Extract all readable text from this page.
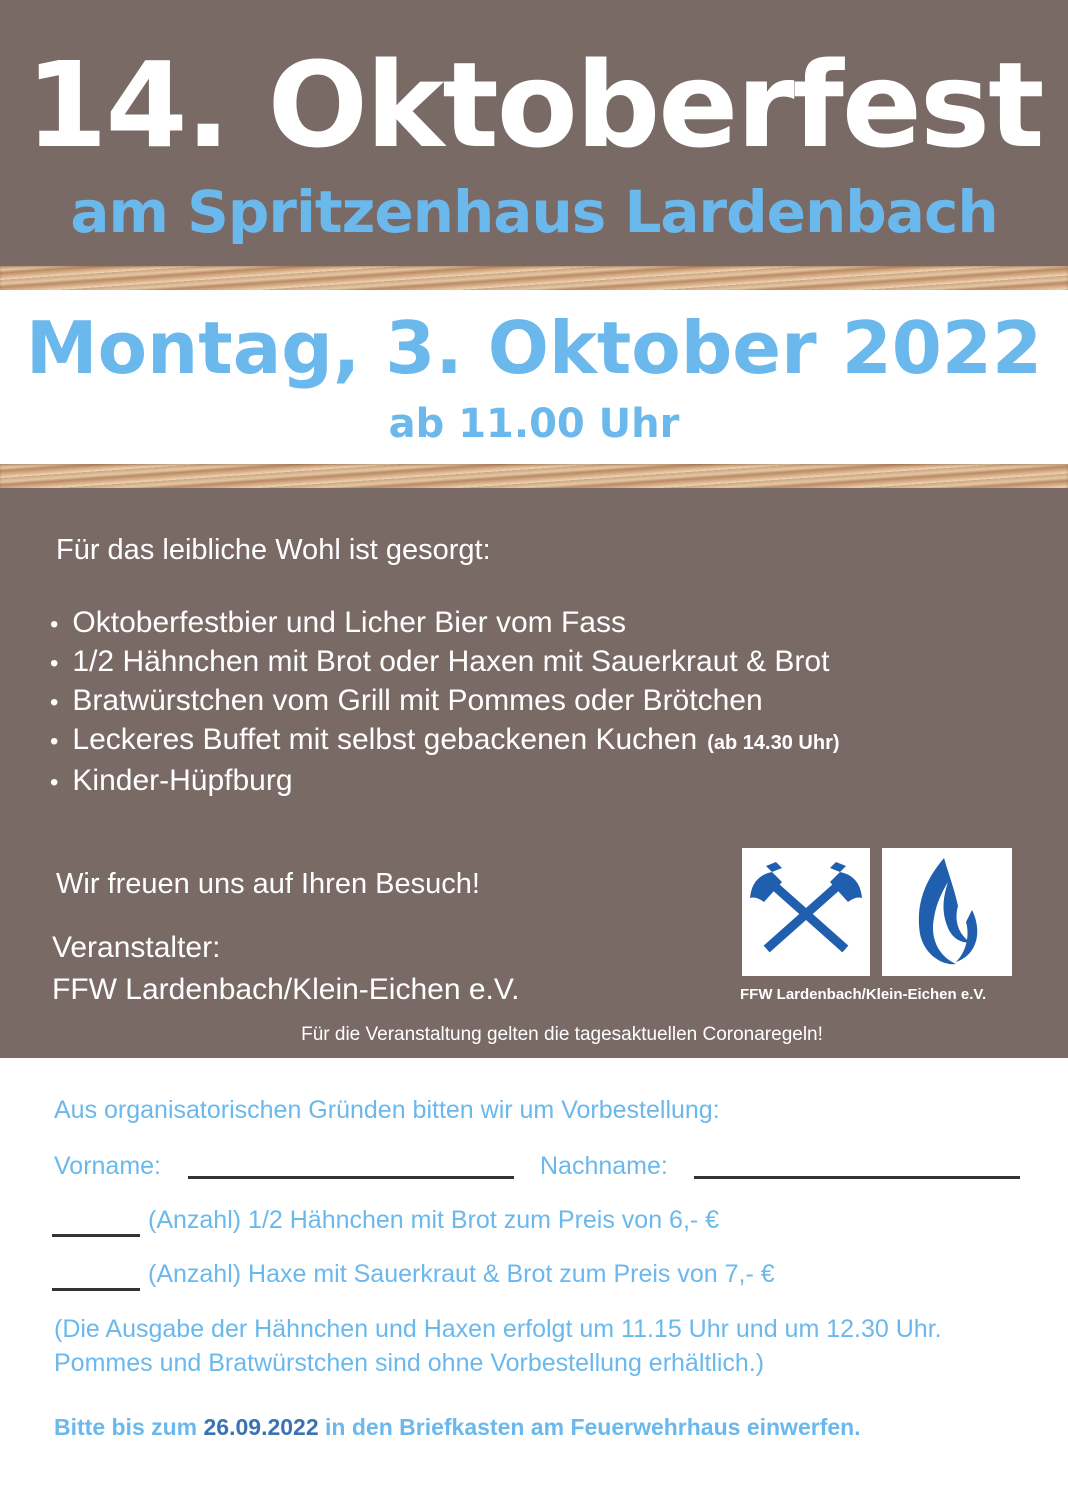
14. Oktoberfest
am Spritzenhaus Lardenbach
Montag, 3. Oktober 2022
ab 11.00 Uhr
Für das leibliche Wohl ist gesorgt:
• Oktoberfestbier und Licher Bier vom Fass
• 1/2 Hähnchen mit Brot oder Haxen mit Sauerkraut & Brot
• Bratwürstchen vom Grill mit Pommes oder Brötchen
• Leckeres Buffet mit selbst gebackenen Kuchen (ab 14.30 Uhr)
• Kinder-Hüpfburg
Wir freuen uns auf Ihren Besuch!
Veranstalter:
FFW Lardenbach/Klein-Eichen e.V.	FFW Lardenbach/Klein-Eichen e.V.
Für die Veranstaltung gelten die tagesaktuellen Coronaregeln!
Aus organisatorischen Gründen bitten wir um Vorbestellung:
Vorname:	Nachname:
(Anzahl) 1/2 Hähnchen mit Brot zum Preis von 6,- €
(Anzahl) Haxe mit Sauerkraut & Brot zum Preis von 7,- €
(Die Ausgabe der Hähnchen und Haxen erfolgt um 11.15 Uhr und um 12.30 Uhr.
Pommes und Bratwürstchen sind ohne Vorbestellung erhältlich.)
Bitte bis zum 26.09.2022 in den Briefkasten am Feuerwehrhaus einwerfen.
